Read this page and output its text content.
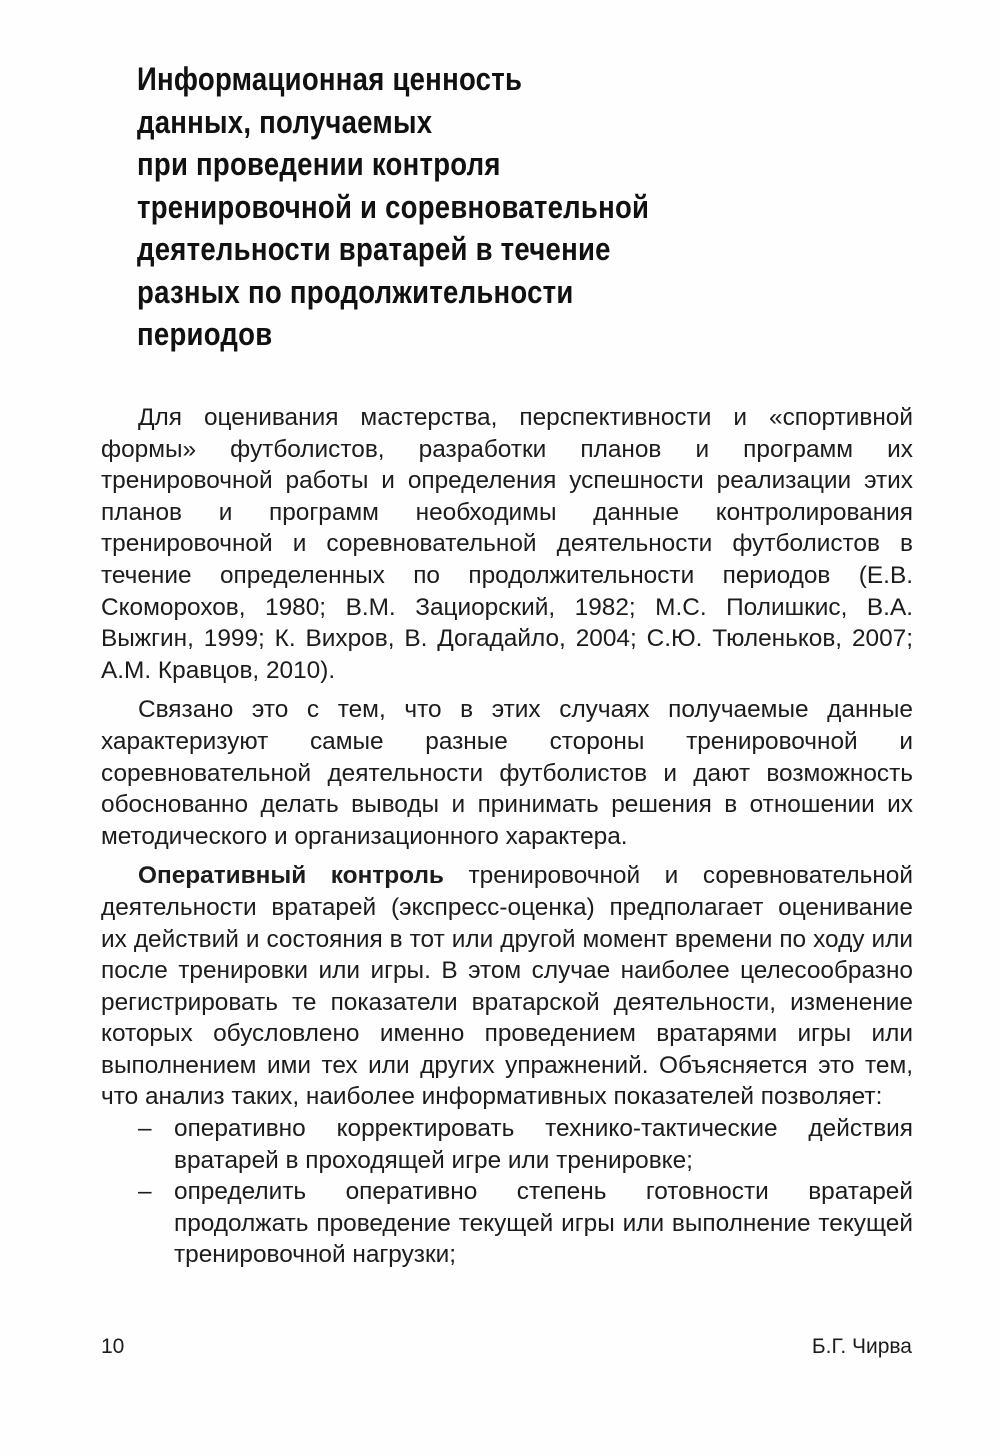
Информационная ценность
данных, получаемых
при проведении контроля
тренировочной и соревновательной
деятельности вратарей в течение
разных по продолжительности
периодов

Для оценивания мастерства, перспективности и «спортивной формы» футболистов, разработки планов и программ их тренировочной работы и определения успешности реализации этих планов и программ необходимы данные контролирования тренировочной и соревновательной деятельности футболистов в течение определенных по продолжительности периодов (Е.В. Скоморохов, 1980; В.М. Зациорский, 1982; М.С. Полишкис, В.А. Выжгин, 1999; К. Вихров, В. Догадайло, 2004; С.Ю. Тюленьков, 2007; А.М. Кравцов, 2010).

Связано это с тем, что в этих случаях получаемые данные характеризуют самые разные стороны тренировочной и соревновательной деятельности футболистов и дают возможность обоснованно делать выводы и принимать решения в отношении их методического и организационного характера.

Оперативный контроль тренировочной и соревновательной деятельности вратарей (экспресс-оценка) предполагает оценивание их действий и состояния в тот или другой момент времени по ходу или после тренировки или игры. В этом случае наиболее целесообразно регистрировать те показатели вратарской деятельности, изменение которых обусловлено именно проведением вратарями игры или выполнением ими тех или других упражнений. Объясняется это тем, что анализ таких, наиболее информативных показателей позволяет:

– оперативно корректировать технико-тактические действия вратарей в проходящей игре или тренировке;
– определить оперативно степень готовности вратарей продолжать проведение текущей игры или выполнение текущей тренировочной нагрузки;
10	Б.Г. Чирва
